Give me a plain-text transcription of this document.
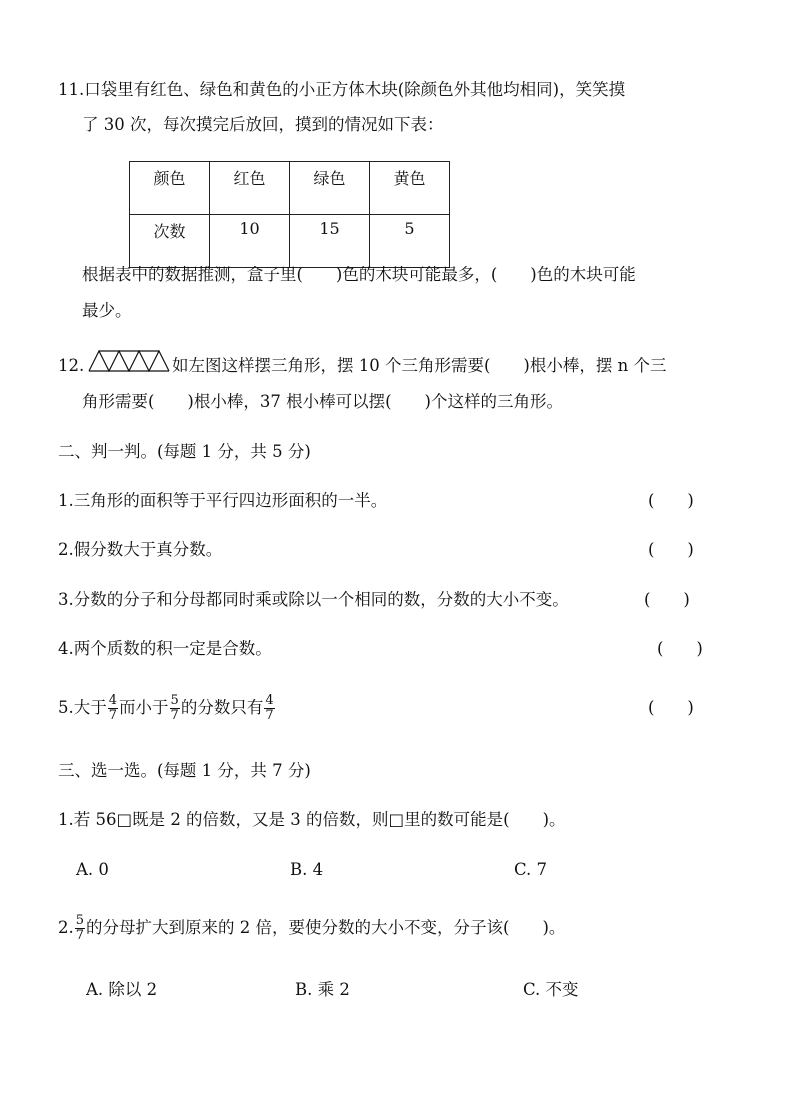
11.口袋里有红色、绿色和黄色的小正方体木块(除颜色外其他均相同)，笑笑摸
了 30 次，每次摸完后放回，摸到的情况如下表：
颜色	红色	绿色	黄色
次数	10	15	5
根据表中的数据推测，盒子里(　　)色的木块可能最多，(　　)色的木块可能
最少。
12.	如左图这样摆三角形，摆 10 个三角形需要(　　)根小棒，摆 n 个三
角形需要(　　)根小棒，37 根小棒可以摆(　　)个这样的三角形。
二、判一判。(每题 1 分，共 5 分)
1.三角形的面积等于平行四边形面积的一半。	(　　)
2.假分数大于真分数。	(　　)
3.分数的分子和分母都同时乘或除以一个相同的数，分数的大小不变。	(　　)
4.两个质数的积一定是合数。	(　　)
5.大于 $\frac{4}{7}$ 而小于 $\frac{5}{7}$ 的分数只有 $\frac{4}{7}$	(　　)
三、选一选。(每题 1 分，共 7 分)
1.若 56□既是 2 的倍数，又是 3 的倍数，则□里的数可能是(　　)。
A. 0	B. 4	C. 7
2. $\frac{5}{7}$ 的分母扩大到原来的 2 倍，要使分数的大小不变，分子该(　　)。
A. 除以 2	B. 乘 2	C. 不变
